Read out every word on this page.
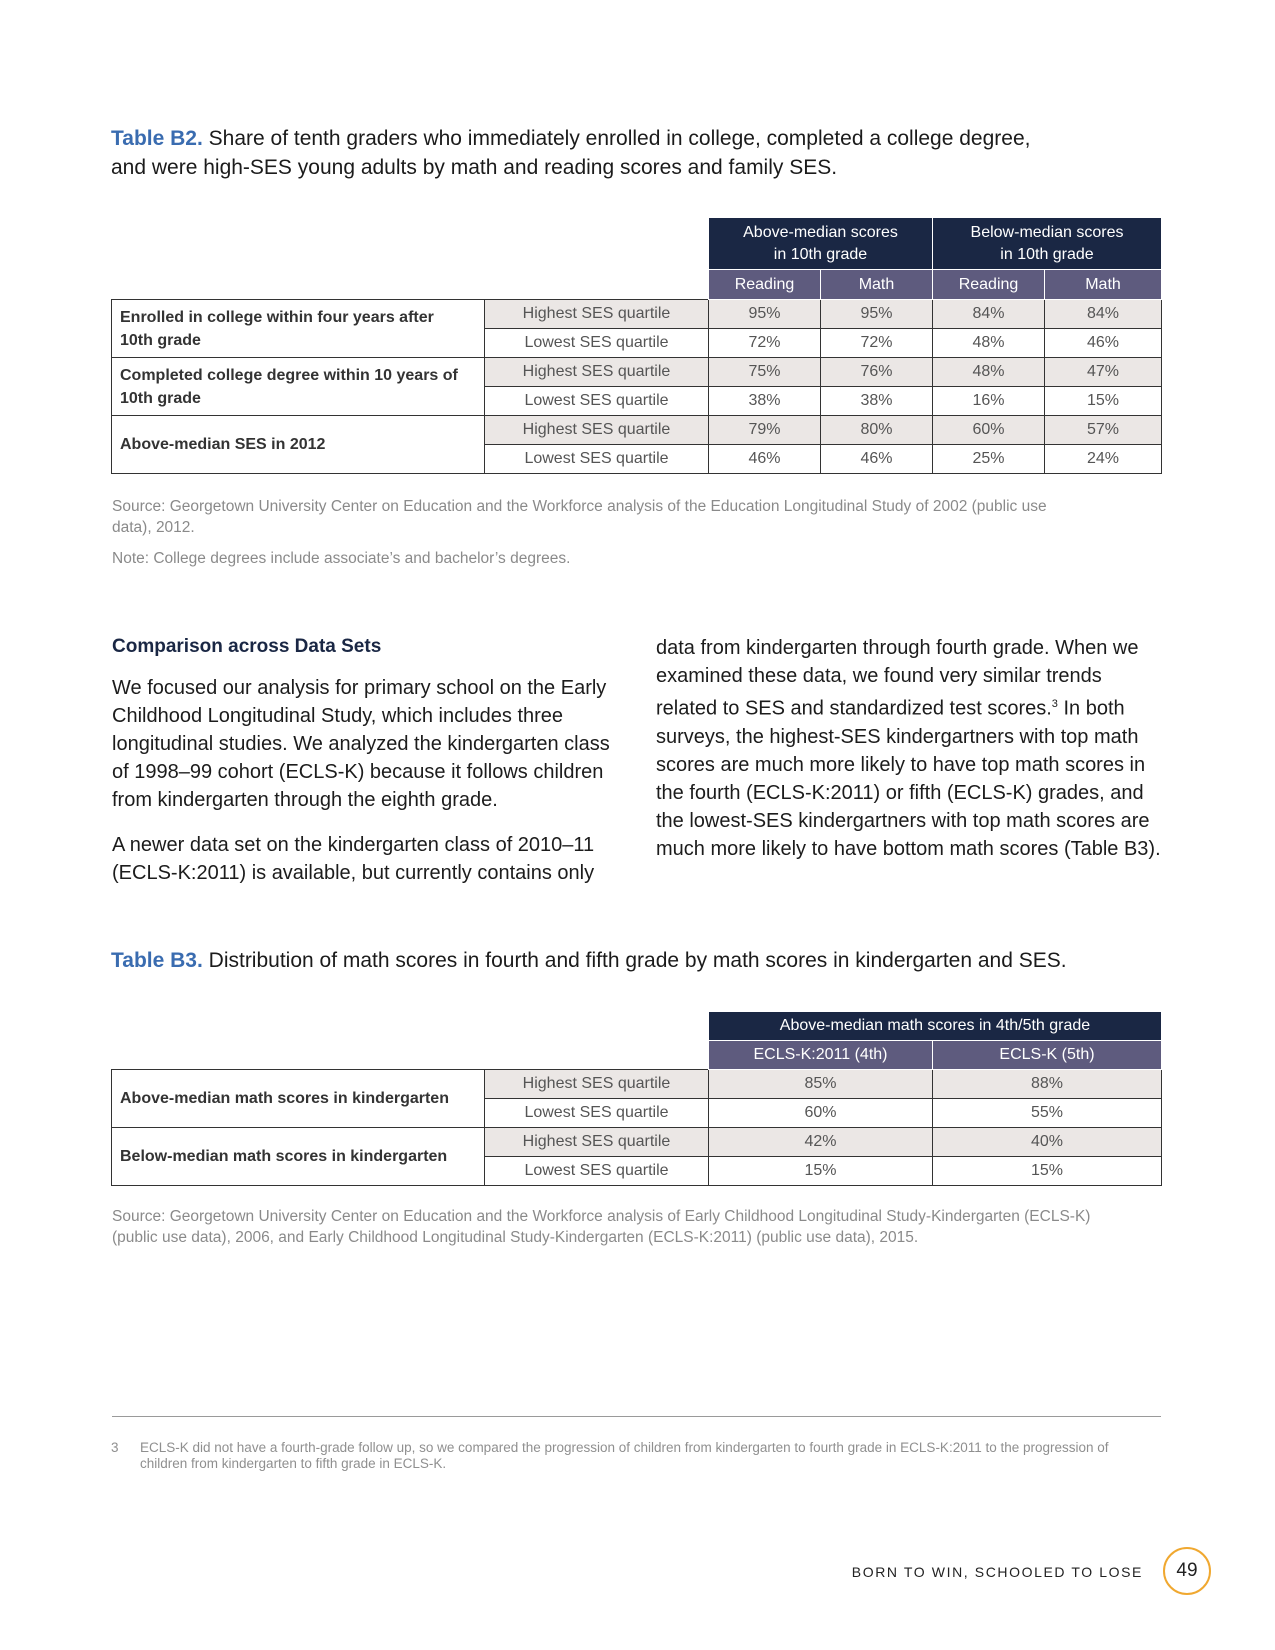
Table B2. Share of tenth graders who immediately enrolled in college, completed a college degree,
and were high-SES young adults by math and reading scores and family SES.
		Above-median scores
in 10th grade		Below-median scores
in 10th grade	
		Reading	Math	Reading	Math
Enrolled in college within four years after 10th grade	Highest SES quartile	95%	95%	84%	84%
	Lowest SES quartile	72%	72%	48%	46%
Completed college degree within 10 years of 10th grade	Highest SES quartile	75%	76%	48%	47%
	Lowest SES quartile	38%	38%	16%	15%
Above-median SES in 2012	Highest SES quartile	79%	80%	60%	57%
	Lowest SES quartile	46%	46%	25%	24%
Source: Georgetown University Center on Education and the Workforce analysis of the Education Longitudinal Study of 2002 (public use data), 2012.
Note: College degrees include associate’s and bachelor’s degrees.
Comparison across Data Sets

We focused our analysis for primary school on the Early Childhood Longitudinal Study, which includes three longitudinal studies. We analyzed the kindergarten class of 1998–99 cohort (ECLS-K) because it follows children from kindergarten through the eighth grade.

A newer data set on the kindergarten class of 2010–11 (ECLS-K:2011) is available, but currently contains only

data from kindergarten through fourth grade. When we examined these data, we found very similar trends related to SES and standardized test scores.$^3$ In both surveys, the highest-SES kindergartners with top math scores are much more likely to have top math scores in the fourth (ECLS-K:2011) or fifth (ECLS-K) grades, and the lowest-SES kindergartners with top math scores are much more likely to have bottom math scores (Table B3).

Table B3. Distribution of math scores in fourth and fifth grade by math scores in kindergarten and SES.
		Above-median math scores in 4th/5th grade	
		ECLS-K:2011 (4th)	ECLS-K (5th)
Above-median math scores in kindergarten	Highest SES quartile	85%	88%
	Lowest SES quartile	60%	55%
Below-median math scores in kindergarten	Highest SES quartile	42%	40%
	Lowest SES quartile	15%	15%
Source: Georgetown University Center on Education and the Workforce analysis of Early Childhood Longitudinal Study-Kindergarten (ECLS-K) (public use data), 2006, and Early Childhood Longitudinal Study-Kindergarten (ECLS-K:2011) (public use data), 2015.
3 ECLS-K did not have a fourth-grade follow up, so we compared the progression of children from kindergarten to fourth grade in ECLS-K:2011 to the progression of children from kindergarten to fifth grade in ECLS-K.
BORN TO WIN, SCHOOLED TO LOSE	49
